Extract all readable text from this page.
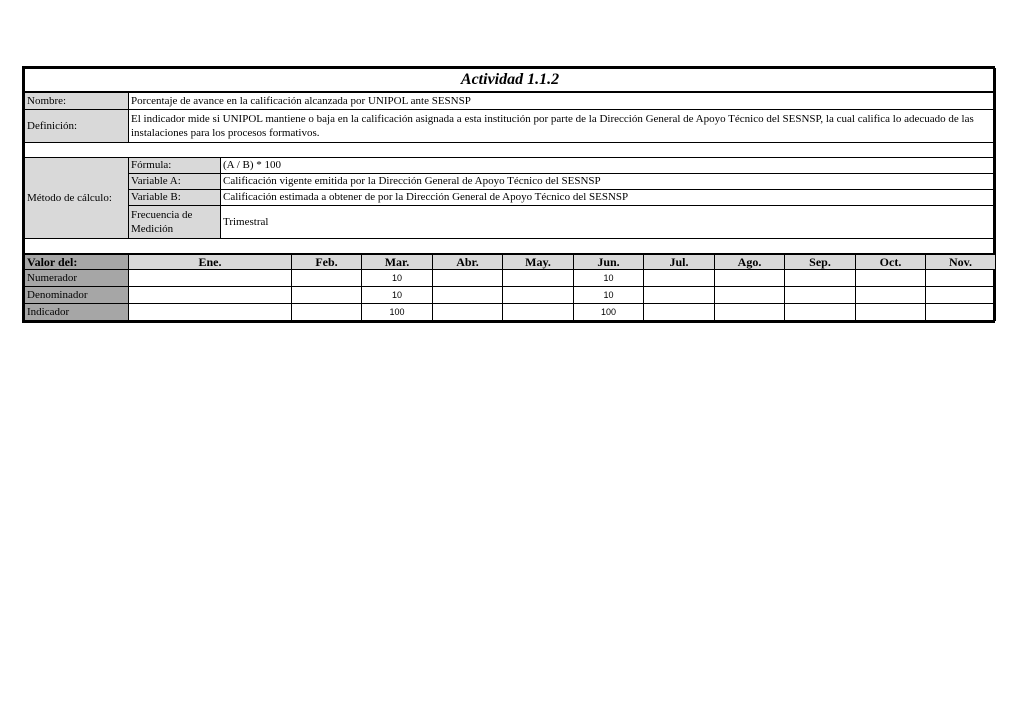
Actividad 1.1.2													
Nombre:	Porcentaje de avance en la calificación alcanzada por UNIPOL ante SESNSP												
Definición:	El indicador mide si UNIPOL mantiene o baja en la calificación asignada a esta institución por parte de la Dirección General de Apoyo Técnico del SESNSP, la cual califica lo adecuado de las instalaciones para los procesos formativos.												

Método de cálculo:	Fórmula:	(A / B) * 100											
	Variable A:	Calificación vigente emitida por la Dirección General de Apoyo Técnico del SESNSP											
	Variable B:	Calificación estimada a obtener de por la Dirección General de Apoyo Técnico del SESNSP											
	Frecuencia de Medición	Trimestral											

Valor del:	Ene.		Feb.	Mar.	Abr.	May.	Jun.	Jul.	Ago.	Sep.	Oct.	Nov.	
Numerador				10			10						
Denominador				10			10						
Indicador				100			100						
